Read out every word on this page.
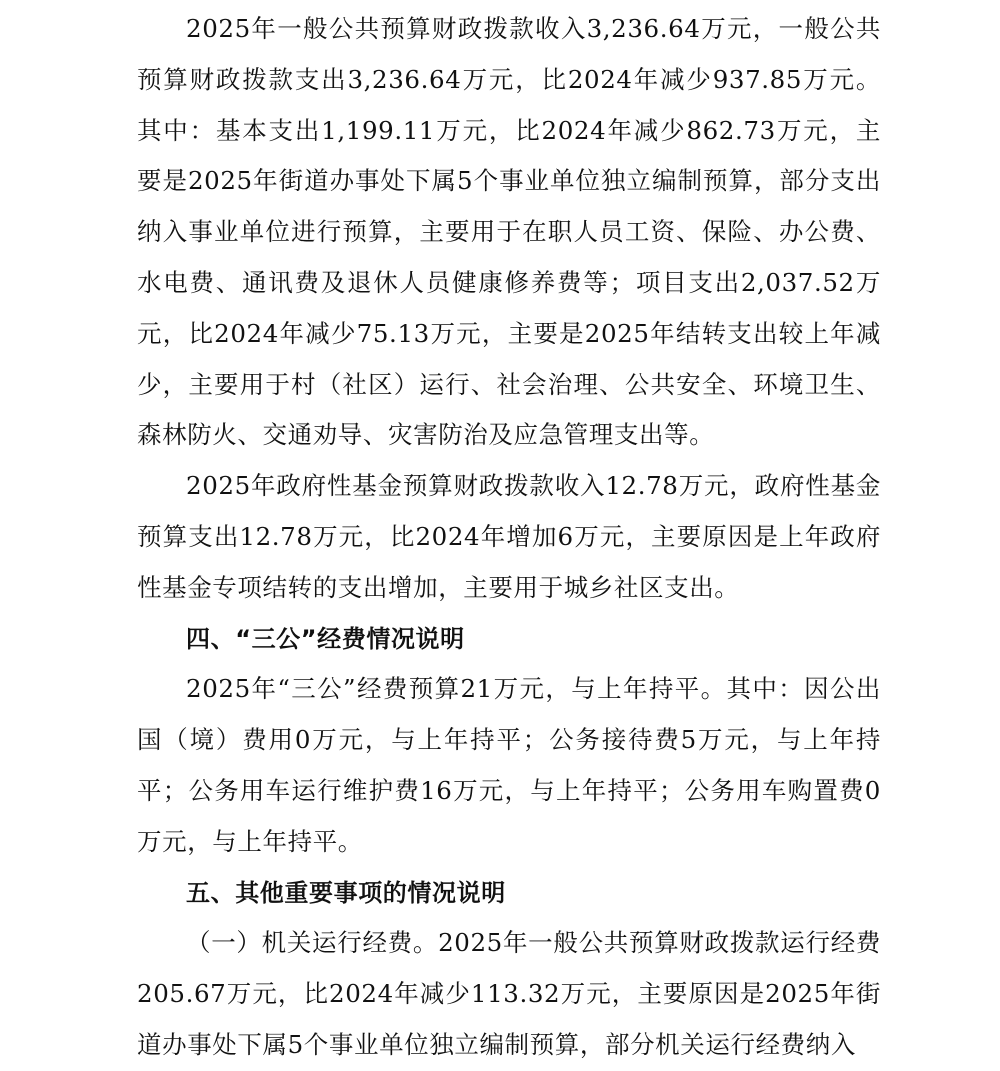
2025年一般公共预算财政拨款收入3,236.64万元，一般公共预算财政拨款支出3,236.64万元，比2024年减少937.85万元。其中：基本支出1,199.11万元，比2024年减少862.73万元，主要是2025年街道办事处下属5个事业单位独立编制预算，部分支出纳入事业单位进行预算，主要用于在职人员工资、保险、办公费、水电费、通讯费及退休人员健康修养费等；项目支出2,037.52万元，比2024年减少75.13万元，主要是2025年结转支出较上年减少，主要用于村（社区）运行、社会治理、公共安全、环境卫生、森林防火、交通劝导、灾害防治及应急管理支出等。

2025年政府性基金预算财政拨款收入12.78万元，政府性基金预算支出12.78万元，比2024年增加6万元，主要原因是上年政府性基金专项结转的支出增加，主要用于城乡社区支出。

四、“三公”经费情况说明

2025年“三公”经费预算21万元，与上年持平。其中：因公出国（境）费用0万元，与上年持平；公务接待费5万元，与上年持平；公务用车运行维护费16万元，与上年持平；公务用车购置费0万元，与上年持平。

五、其他重要事项的情况说明

（一）机关运行经费。2025年一般公共预算财政拨款运行经费205.67万元，比2024年减少113.32万元，主要原因是2025年街道办事处下属5个事业单位独立编制预算，部分机关运行经费纳入
